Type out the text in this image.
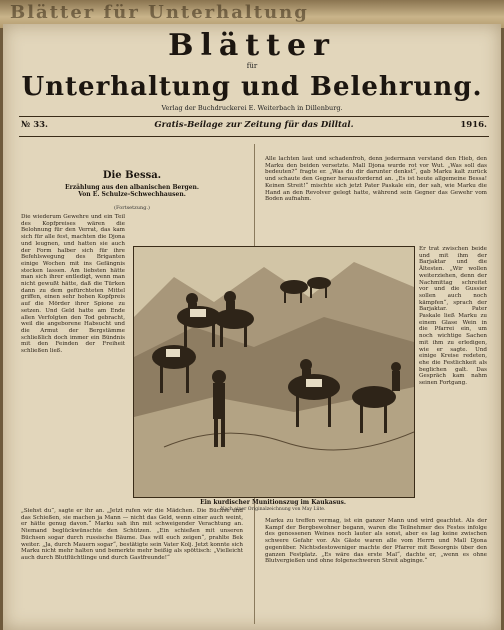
Blätter für Unterhaltung
Blätter
für
Unterhaltung und Belehrung.
Verlag der Buchdruckerei E. Weiterbach in Dillenburg.
№ 33.	Gratis-Beilage zur Zeitung für das Dilltal.	1916.
Die Bessa.
Erzählung aus den albanischen Bergen.
Von E. Schulze-Schwechhausen.
(Fortsetzung.)
Die wiederum Gewehre und ein Teil des Kopfpreises wären die Belohnung für den Verrat, das kam sich für alle fest, machten die Djona und leugnen, und hatten sie auch der Form halber sich für ihre Befehlswegung des Briganten einige Wochen mit ins Gefängnis stecken lassen. Am liebsten hätte man sich ihrer entledigt, wenn man nicht gewußt hätte, daß die Türken dann zu dem gefürchteten Mittel griffen, einen sehr hohen Kopfpreis auf die Mörder ihrer Spione zu setzen. Und Geld hatte am Ende allen Verfolgten den Tod gebracht, weil die angeborene Habsucht und die Armut der Bergstämme schließlich doch immer ein Bündnis mit den Feinden der Freiheit schließen ließ.
„Siehst du“, sagte er ihr an. „Jetzt rufen wir die Mädchen. Die Büchse und das Schießen, sie machen ja Mann — nicht das Geld, wenn einer auch weint, er hätte genug davon.“ Marku sah ihn mit schweigender Verachtung an. Niemand beglückwünschte den Schützen. „Ein schießen mit unseren Büchsen sogar durch russische Bäume. Das will euch zeigen“, prahlte Bek weiter. „Ja, durch Mauern sogar“, bestätigte sein Vater Kolj. Jetzt konnte sich Marku nicht mehr halten und bemerkte mehr beißig als spöttisch: „Vielleicht auch durch Blutflüchtlinge und durch Gastfreunde!“
Alle lachten laut und schadenfroh, denn jedermann verstand den Hieb, den Marku den beiden versetzte. Mall Djona wurde rot vor Wut. „Was soll das bedeuten?“ fragte er. „Was du dir darunter denkst“, gab Marku kalt zurück und schaute den Gegner herausfordernd an. „Es ist heute allgemeine Bessa! Keinen Streit!“ mischte sich jetzt Pater Paskale ein, der sah, wie Marku die Hand an den Revolver gelegt hatte, während sein Gegner das Gewehr vom Boden aufnahm.
Er trat zwischen beide und mit ihm der Barjaktar und die Ältesten. „Wir wollen weiterziehen, denn der Nachmittag schreitet vor und die Gussier sollen auch noch kämpfen“, sprach der Barjaktar. Pater Paskale ließ Marku zu einem Glase Wein in die Pfarrei ein, um noch wichtige Sachen mit ihm zu erledigen, wie er sagte. Und einige Kreise redeten, ehe die Festlichkeit als beglichen galt. Das Gespräch kam nahm seinen Fortgang.
Marku zu treffen vermag, ist ein ganzer Mann und wird geachtet. Als der Kampf der Bergbewohner begann, waren die Teilnehmer des Festes infolge des genossenen Weines noch lauter als sonst, aber es lag keine zwischen schwere Gefahr vor. Als Gäste waren alle vom Herrn und Mall Djona gegenüber. Nichtsdestoweniger machte der Pfarrer mit Besorgnis über den ganzen Festplatz. „Es wäre das erste Mal“, dachte er, „wenn es ohne Blutvergießen und ohne folgenschweren Streit abginge.“
Ein kurdischer Munitionszug im Kaukasus.
Nach einer Originalzeichnung von May Lüte.
